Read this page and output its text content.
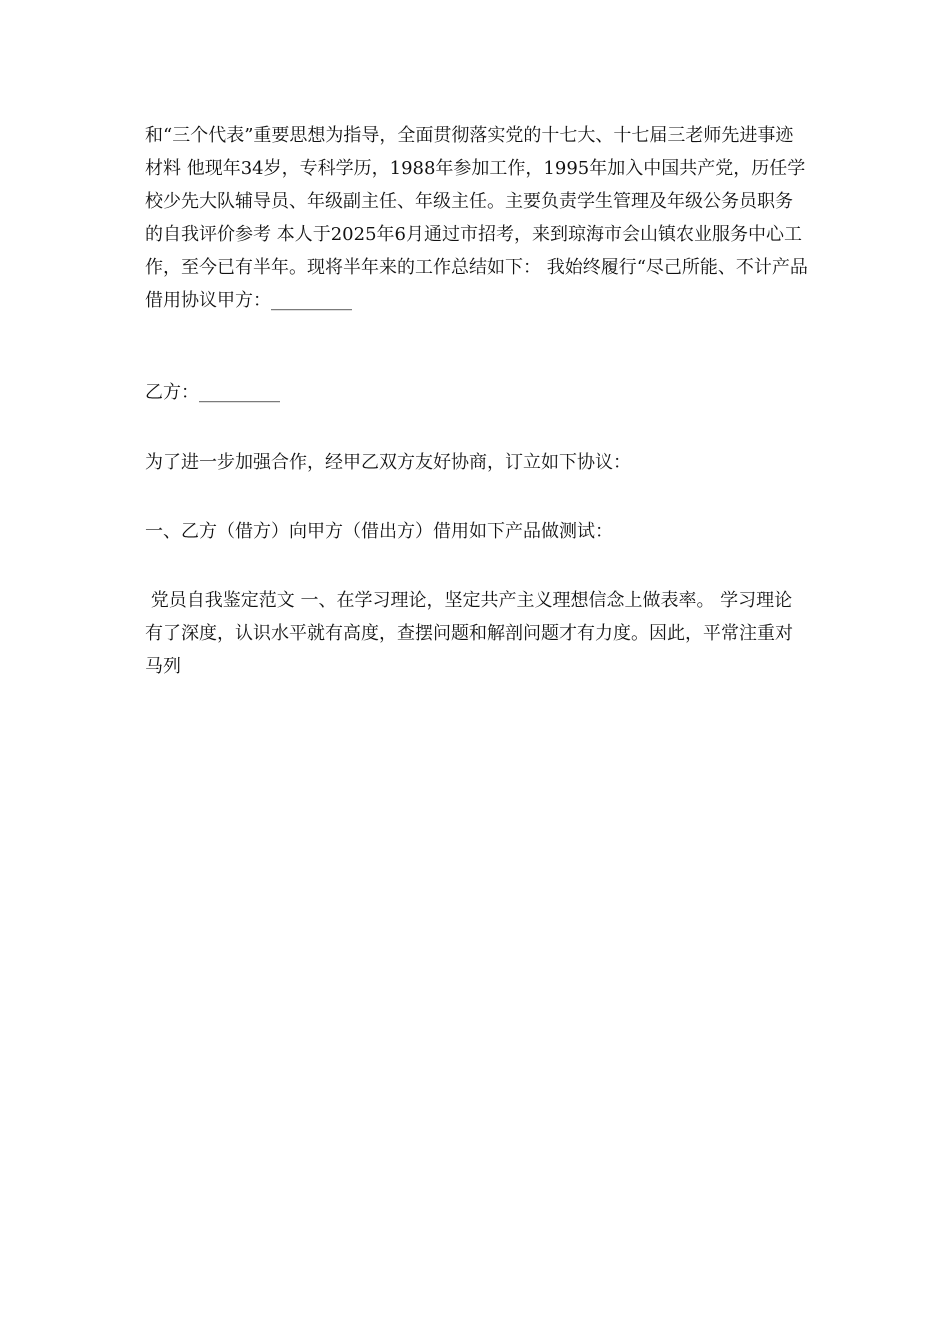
和“三个代表”重要思想为指导，全面贯彻落实党的十七大、十七届三老师先进事迹材料 他现年34岁，专科学历，1988年参加工作，1995年加入中国共产党，历任学校少先大队辅导员、年级副主任、年级主任。主要负责学生管理及年级公务员职务的自我评价参考 本人于2025年6月通过市招考，来到琼海市会山镇农业服务中心工作，至今已有半年。现将半年来的工作总结如下： 我始终履行“尽己所能、不计产品借用协议甲方：_________

乙方：_________

为了进一步加强合作，经甲乙双方友好协商，订立如下协议：

一、乙方（借方）向甲方（借出方）借用如下产品做测试：

党员自我鉴定范文 一、在学习理论，坚定共产主义理想信念上做表率。 学习理论有了深度，认识水平就有高度，查摆问题和解剖问题才有力度。因此，平常注重对马列
